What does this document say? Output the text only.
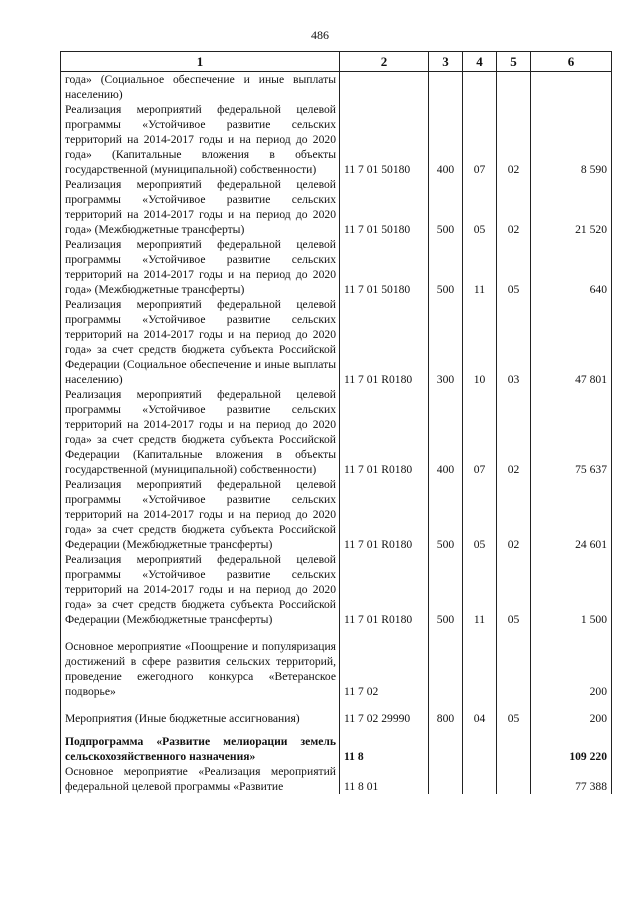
486
1	2	3	4	5	6
года» (Социальное обеспечение и иные выплаты населению)					
Реализация мероприятий федеральной целевой программы «Устойчивое развитие сельских территорий на 2014-2017 годы и на период до 2020 года» (Капитальные вложения в объекты государственной (муниципальной) собственности)	11 7 01 50180	400	07	02	8 590
Реализация мероприятий федеральной целевой программы «Устойчивое развитие сельских территорий на 2014-2017 годы и на период до 2020 года» (Межбюджетные трансферты)	11 7 01 50180	500	05	02	21 520
Реализация мероприятий федеральной целевой программы «Устойчивое развитие сельских территорий на 2014-2017 годы и на период до 2020 года» (Межбюджетные трансферты)	11 7 01 50180	500	11	05	640
Реализация мероприятий федеральной целевой программы «Устойчивое развитие сельских территорий на 2014-2017 годы и на период до 2020 года» за счет средств бюджета субъекта Российской Федерации (Социальное обеспечение и иные выплаты населению)	11 7 01 R0180	300	10	03	47 801
Реализация мероприятий федеральной целевой программы «Устойчивое развитие сельских территорий на 2014-2017 годы и на период до 2020 года» за счет средств бюджета субъекта Российской Федерации (Капитальные вложения в объекты государственной (муниципальной) собственности)	11 7 01 R0180	400	07	02	75 637
Реализация мероприятий федеральной целевой программы «Устойчивое развитие сельских территорий на 2014-2017 годы и на период до 2020 года» за счет средств бюджета субъекта Российской Федерации (Межбюджетные трансферты)	11 7 01 R0180	500	05	02	24 601
Реализация мероприятий федеральной целевой программы «Устойчивое развитие сельских территорий на 2014-2017 годы и на период до 2020 года» за счет средств бюджета субъекта Российской Федерации (Межбюджетные трансферты)	11 7 01 R0180	500	11	05	1 500
Основное мероприятие «Поощрение и популяризация достижений в сфере развития сельских территорий, проведение ежегодного конкурса «Ветеранское подворье»	11 7 02				200
Мероприятия (Иные бюджетные ассигнования)	11 7 02 29990	800	04	05	200
Подпрограмма «Развитие мелиорации земель сельскохозяйственного назначения»	11 8				109 220
Основное мероприятие «Реализация мероприятий федеральной целевой программы «Развитие	11 8 01				77 388
